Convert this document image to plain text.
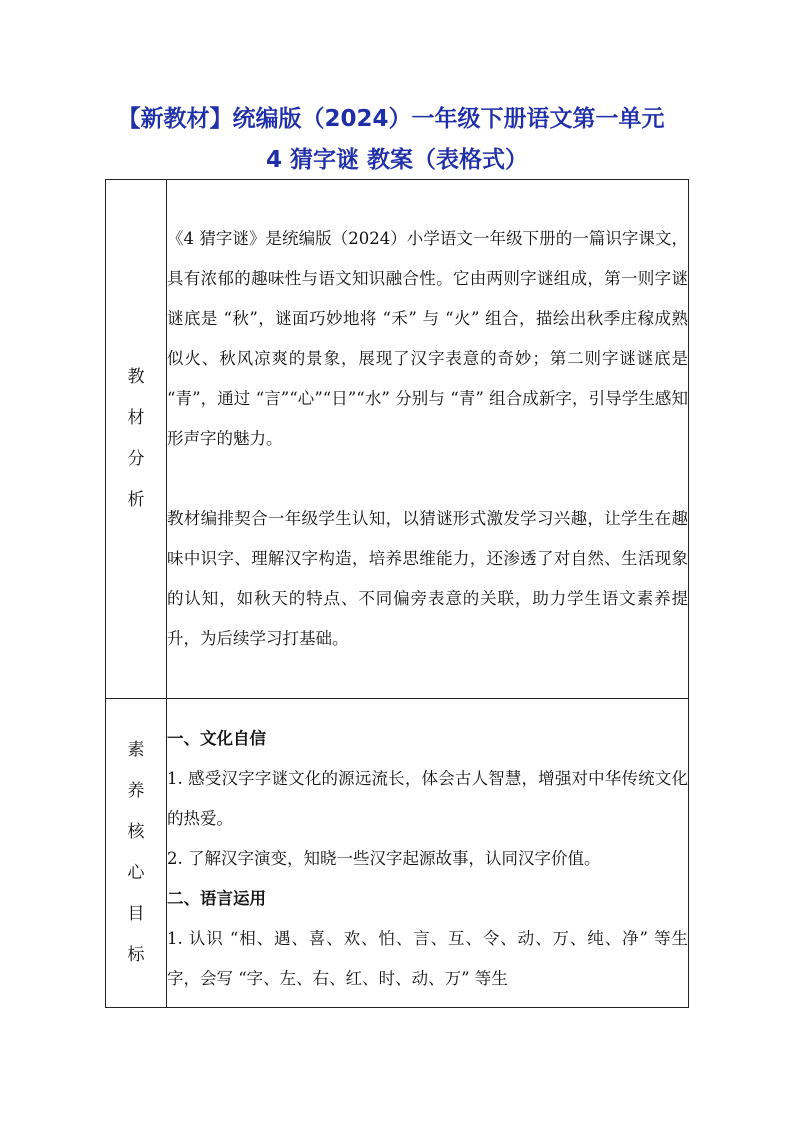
【新教材】统编版（2024）一年级下册语文第一单元
4 猜字谜 教案（表格式）
教材分析	《4 猜字谜》是统编版（2024）小学语文一年级下册的一篇识字课文，具有浓郁的趣味性与语文知识融合性。它由两则字谜组成，第一则字谜谜底是 “秋”，谜面巧妙地将 “禾” 与 “火” 组合，描绘出秋季庄稼成熟似火、秋风凉爽的景象，展现了汉字表意的奇妙；第二则字谜谜底是 “青”，通过 “言”“心”“日”“水” 分别与 “青” 组合成新字，引导学生感知形声字的魅力。

教材编排契合一年级学生认知，以猜谜形式激发学习兴趣，让学生在趣味中识字、理解汉字构造，培养思维能力，还渗透了对自然、生活现象的认知，如秋天的特点、不同偏旁表意的关联，助力学生语文素养提升，为后续学习打基础。

素养核心目标	一、文化自信

1. 感受汉字字谜文化的源远流长，体会古人智慧，增强对中华传统文化的热爱。

2. 了解汉字演变，知晓一些汉字起源故事，认同汉字价值。

二、语言运用

1. 认识 “相、遇、喜、欢、怕、言、互、令、动、万、纯、净” 等生字，会写 “字、左、右、红、时、动、万” 等生
